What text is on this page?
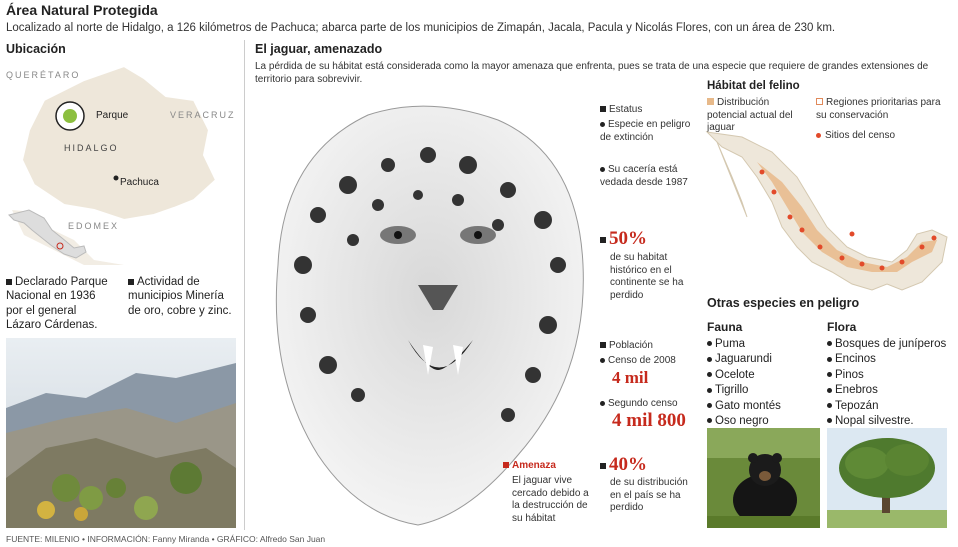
Área Natural Protegida
Localizado al norte de Hidalgo, a 126 kilómetros de Pachuca; abarca parte de los municipios de Zimapán, Jacala, Pacula y Nicolás Flores, con un área de 230 km.
Ubicación
QUERÉTARO
VERACRUZ
HIDALGO
EDOMEX
Parque
Pachuca
Declarado Parque Nacional en 1936 por el general Lázaro Cárdenas.
Actividad de municipios Minería de oro, cobre y zinc.
El jaguar, amenazado
La pérdida de su hábitat está considerada como la mayor amenaza que enfrenta, pues se trata de una especie que requiere de grandes extensiones de territorio para sobrevivir.
Estatus
Especie en peligro de extinción
Su cacería está vedada desde 1987
50%
de su habitat histórico en el continente se ha perdido
Población
Censo de 2008
4 mil
Segundo censo
4 mil 800
Amenaza
El jaguar vive cercado debido a la destrucción de su hábitat
40%
de su distribución en el país se ha perdido
Hábitat del felino
Distribución potencial actual del jaguar
Regiones prioritarias para su conservación
Sitios del censo
Otras especies en peligro
Fauna	Flora
Puma
Jaguarundi
Ocelote
Tigrillo
Gato montés
Oso negro
Bosques de juníperos
Encinos
Pinos
Enebros
Tepozán
Nopal silvestre.
FUENTE: MILENIO • INFORMACIÓN: Fanny Miranda • GRÁFICO: Alfredo San Juan
